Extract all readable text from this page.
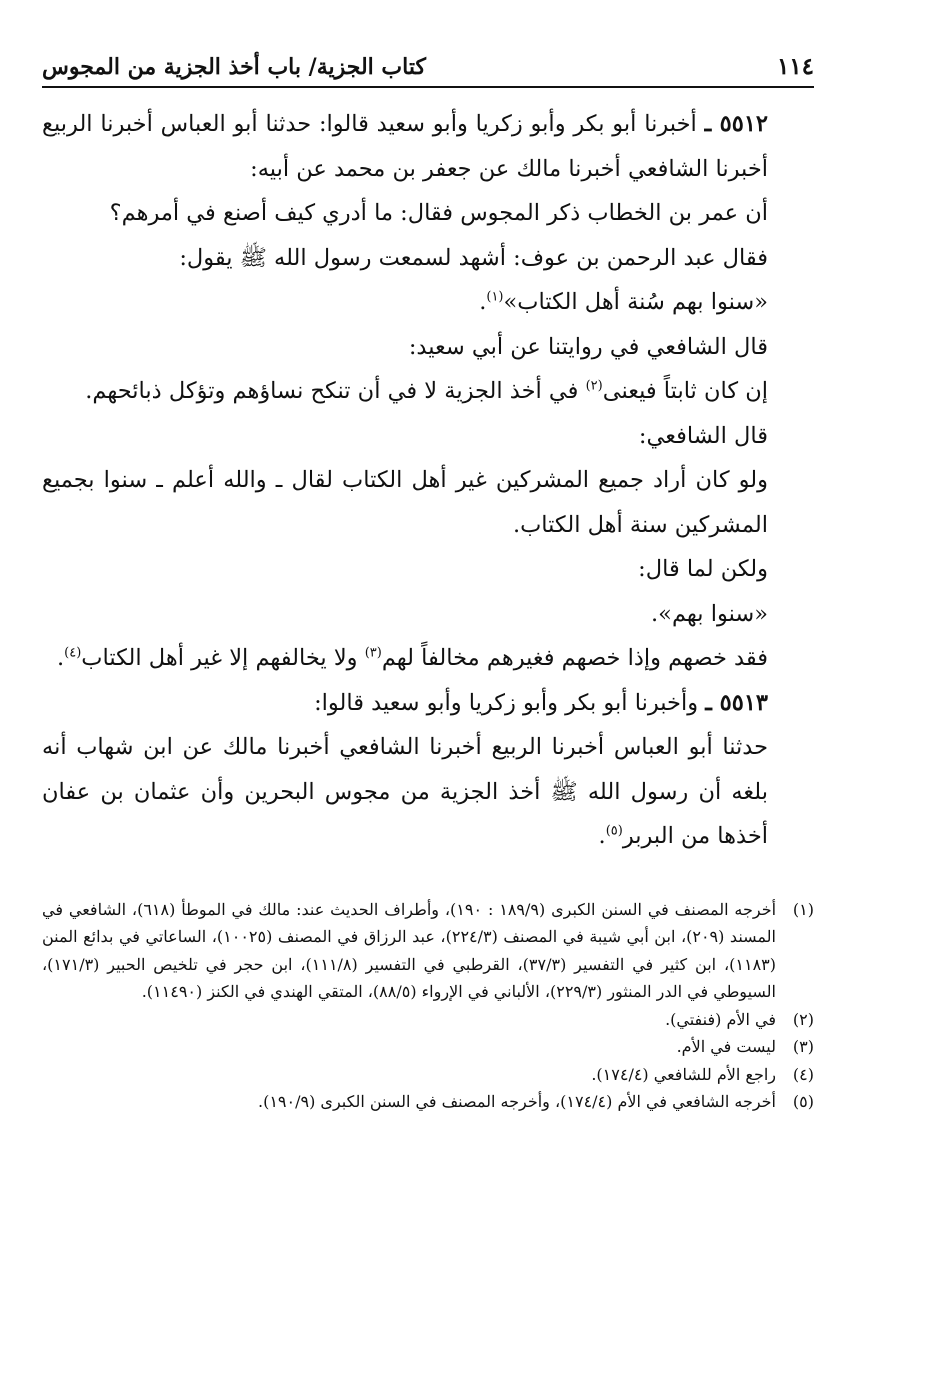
١١٤
كتاب الجزية/ باب أخذ الجزية من المجوس

٥٥١٢ ـ أخبرنا أبو بكر وأبو زكريا وأبو سعيد قالوا: حدثنا أبو العباس أخبرنا الربيع أخبرنا الشافعي أخبرنا مالك عن جعفر بن محمد عن أبيه:

أن عمر بن الخطاب ذكر المجوس فقال: ما أدري كيف أصنع في أمرهم؟

فقال عبد الرحمن بن عوف: أشهد لسمعت رسول الله ﷺ يقول:

«سنوا بهم سُنة أهل الكتاب»$^{(١)}$.

قال الشافعي في روايتنا عن أبي سعيد:

إن كان ثابتاً فيعنى$^{(٢)}$ في أخذ الجزية لا في أن تنكح نساؤهم وتؤكل ذبائحهم.

قال الشافعي:

ولو كان أراد جميع المشركين غير أهل الكتاب لقال ـ والله أعلم ـ سنوا بجميع المشركين سنة أهل الكتاب.

ولكن لما قال:

«سنوا بهم».

فقد خصهم وإذا خصهم فغيرهم مخالفاً لهم$^{(٣)}$ ولا يخالفهم إلا غير أهل الكتاب$^{(٤)}$.

٥٥١٣ ـ وأخبرنا أبو بكر وأبو زكريا وأبو سعيد قالوا:

حدثنا أبو العباس أخبرنا الربيع أخبرنا الشافعي أخبرنا مالك عن ابن شهاب أنه بلغه أن رسول الله ﷺ أخذ الجزية من مجوس البحرين وأن عثمان بن عفان أخذها من البربر$^{(٥)}$.

(١)
أخرجه المصنف في السنن الكبرى (١٨٩/٩ : ١٩٠)، وأطراف الحديث عند: مالك في الموطأ (٦١٨)، الشافعي في المسند (٢٠٩)، ابن أبي شيبة في المصنف (٢٢٤/٣)، عبد الرزاق في المصنف (١٠٠٢٥)، الساعاتي في بدائع المنن (١١٨٣)، ابن كثير في التفسير (٣٧/٣)، القرطبي في التفسير (١١١/٨)، ابن حجر في تلخيص الحبير (١٧١/٣)، السيوطي في الدر المنثور (٢٢٩/٣)، الألباني في الإرواء (٨٨/٥)، المتقي الهندي في الكنز (١١٤٩٠).
(٢)
في الأم (فنفتي).
(٣)
ليست في الأم.
(٤)
راجع الأم للشافعي (١٧٤/٤).
(٥)
أخرجه الشافعي في الأم (١٧٤/٤)، وأخرجه المصنف في السنن الكبرى (١٩٠/٩).
